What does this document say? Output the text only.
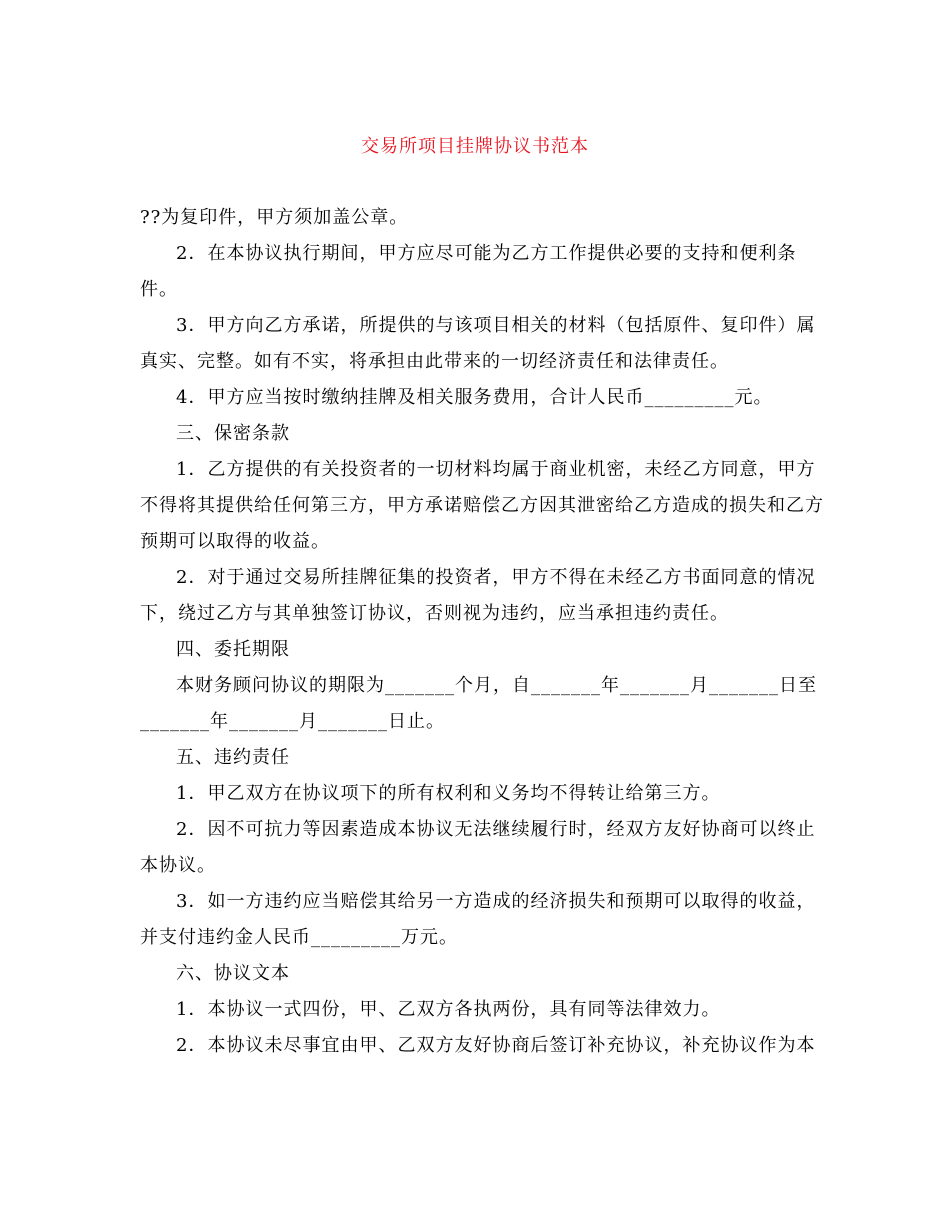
交易所项目挂牌协议书范本
??为复印件，甲方须加盖公章。
2．在本协议执行期间，甲方应尽可能为乙方工作提供必要的支持和便利条
件。
3．甲方向乙方承诺，所提供的与该项目相关的材料（包括原件、复印件）属
真实、完整。如有不实，将承担由此带来的一切经济责任和法律责任。
4．甲方应当按时缴纳挂牌及相关服务费用，合计人民币_________元。
三、保密条款
1．乙方提供的有关投资者的一切材料均属于商业机密，未经乙方同意，甲方
不得将其提供给任何第三方，甲方承诺赔偿乙方因其泄密给乙方造成的损失和乙方
预期可以取得的收益。
2．对于通过交易所挂牌征集的投资者，甲方不得在未经乙方书面同意的情况
下，绕过乙方与其单独签订协议，否则视为违约，应当承担违约责任。
四、委托期限
本财务顾问协议的期限为_______个月，自_______年_______月_______日至
_______年_______月_______日止。
五、违约责任
1．甲乙双方在协议项下的所有权利和义务均不得转让给第三方。
2．因不可抗力等因素造成本协议无法继续履行时，经双方友好协商可以终止
本协议。
3．如一方违约应当赔偿其给另一方造成的经济损失和预期可以取得的收益，
并支付违约金人民币_________万元。
六、协议文本
1．本协议一式四份，甲、乙双方各执两份，具有同等法律效力。
2．本协议未尽事宜由甲、乙双方友好协商后签订补充协议，补充协议作为本
